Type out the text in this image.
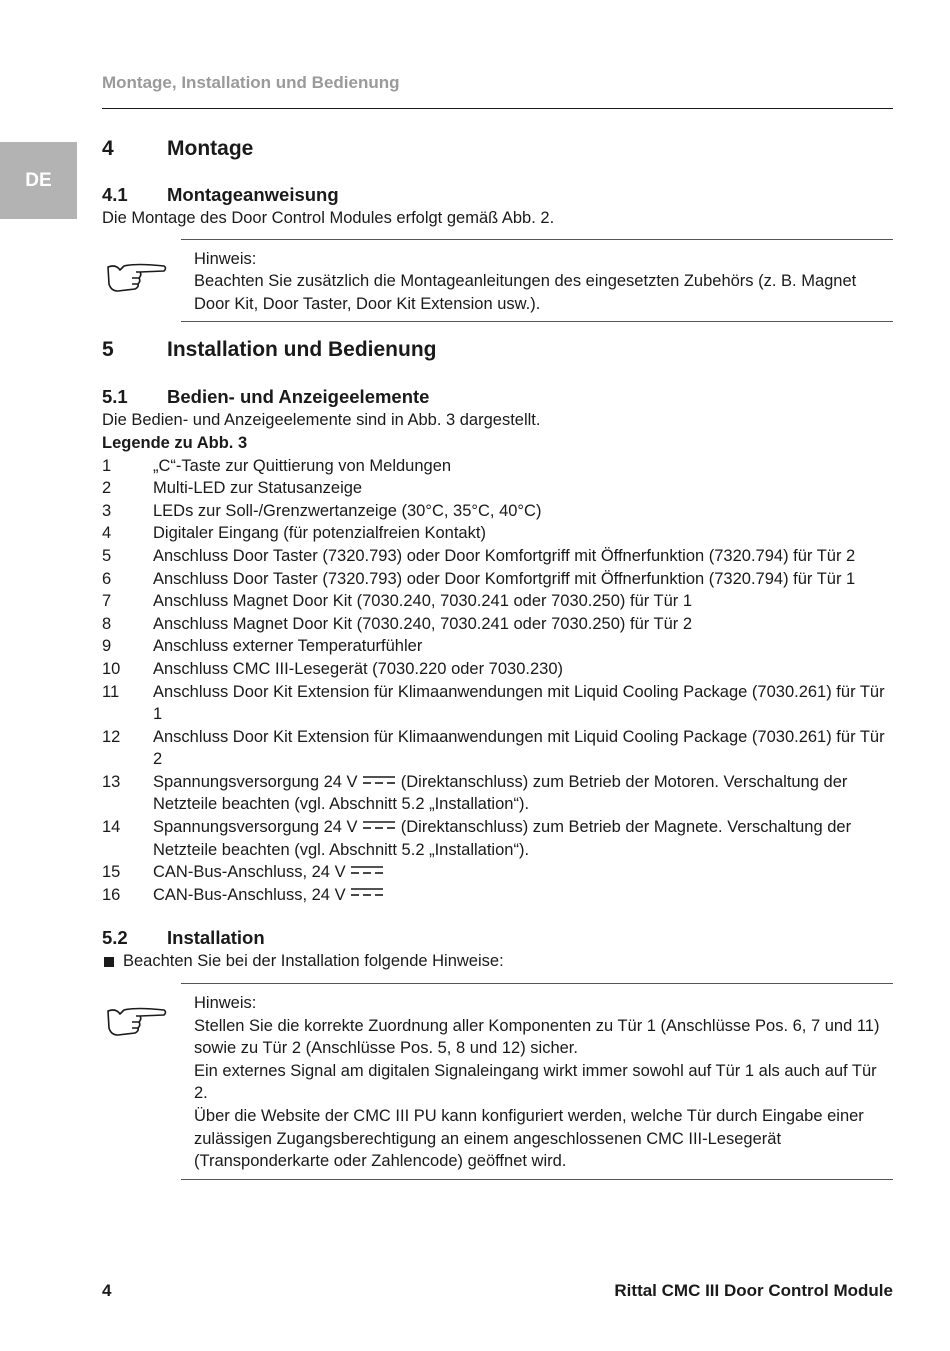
DE
Montage, Installation und Bedienung
4	Montage
4.1	Montageanweisung

Die Montage des Door Control Modules erfolgt gemäß Abb. 2.

Hinweis:

Beachten Sie zusätzlich die Montageanleitungen des eingesetzten Zubehörs (z. B. Magnet Door Kit, Door Taster, Door Kit Extension usw.).

5	Installation und Bedienung
5.1	Bedien- und Anzeigeelemente

Die Bedien- und Anzeigeelemente sind in Abb. 3 dargestellt.

Legende zu Abb. 3

1	„C“-Taste zur Quittierung von Meldungen
2	Multi-LED zur Statusanzeige
3	LEDs zur Soll-/Grenzwertanzeige (30°C, 35°C, 40°C)
4	Digitaler Eingang (für potenzialfreien Kontakt)
5	Anschluss Door Taster (7320.793) oder Door Komfortgriff mit Öffnerfunktion (7320.794) für Tür 2
6	Anschluss Door Taster (7320.793) oder Door Komfortgriff mit Öffnerfunktion (7320.794) für Tür 1
7	Anschluss Magnet Door Kit (7030.240, 7030.241 oder 7030.250) für Tür 1
8	Anschluss Magnet Door Kit (7030.240, 7030.241 oder 7030.250) für Tür 2
9	Anschluss externer Temperaturfühler
10	Anschluss CMC III-Lesegerät (7030.220 oder 7030.230)
11	Anschluss Door Kit Extension für Klimaanwendungen mit Liquid Cooling Package (7030.261) für Tür 1
12	Anschluss Door Kit Extension für Klimaanwendungen mit Liquid Cooling Package (7030.261) für Tür 2
13	Spannungsversorgung 24 V	(Direktanschluss) zum Betrieb der Motoren. Verschaltung der Netzteile beachten (vgl. Abschnitt 5.2 „Installation“).
14	Spannungsversorgung 24 V	(Direktanschluss) zum Betrieb der Magnete. Verschaltung der Netzteile beachten (vgl. Abschnitt 5.2 „Installation“).
15	CAN-Bus-Anschluss, 24 V
16	CAN-Bus-Anschluss, 24 V
5.2	Installation
Beachten Sie bei der Installation folgende Hinweise:

Hinweis:

Stellen Sie die korrekte Zuordnung aller Komponenten zu Tür 1 (Anschlüsse Pos. 6, 7 und 11) sowie zu Tür 2 (Anschlüsse Pos. 5, 8 und 12) sicher.

Ein externes Signal am digitalen Signaleingang wirkt immer sowohl auf Tür 1 als auch auf Tür 2.

Über die Website der CMC III PU kann konfiguriert werden, welche Tür durch Eingabe einer zulässigen Zugangsberechtigung an einem angeschlossenen CMC III-Lesegerät (Transponderkarte oder Zahlencode) geöffnet wird.

4	Rittal CMC III Door Control Module
